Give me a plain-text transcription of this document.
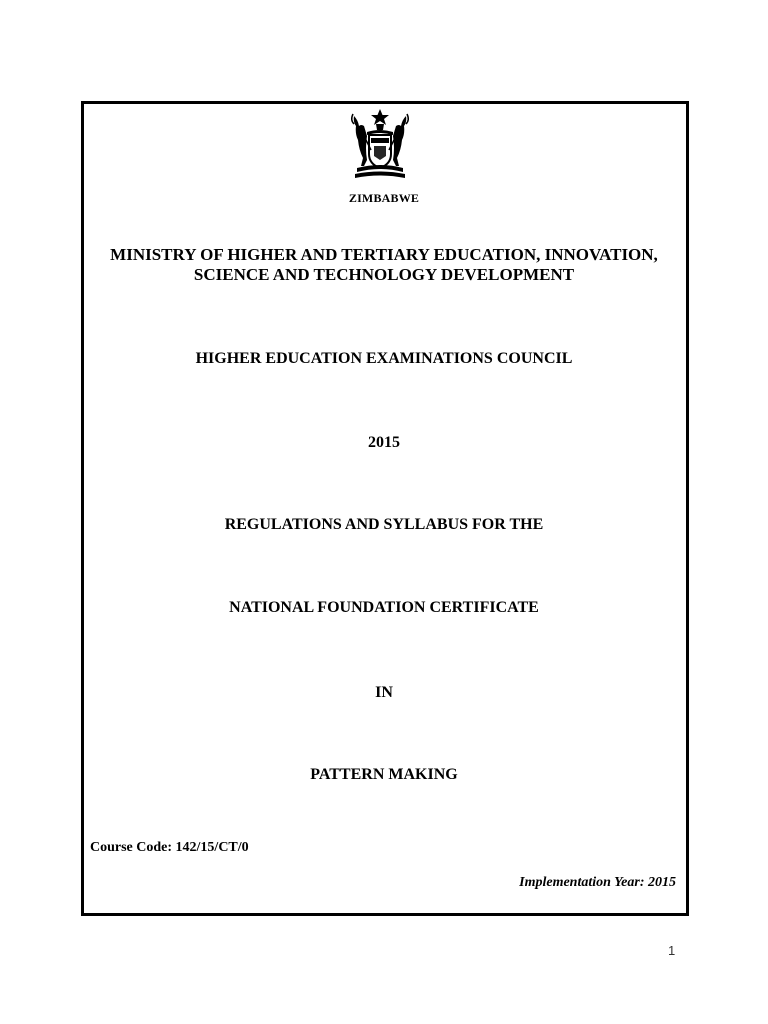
ZIMBABWE
MINISTRY OF HIGHER AND TERTIARY EDUCATION, INNOVATION,
SCIENCE AND TECHNOLOGY DEVELOPMENT
HIGHER EDUCATION EXAMINATIONS COUNCIL
2015
REGULATIONS AND SYLLABUS FOR THE
NATIONAL FOUNDATION CERTIFICATE
IN
PATTERN MAKING
Course Code: 142/15/CT/0
Implementation Year: 2015
1
